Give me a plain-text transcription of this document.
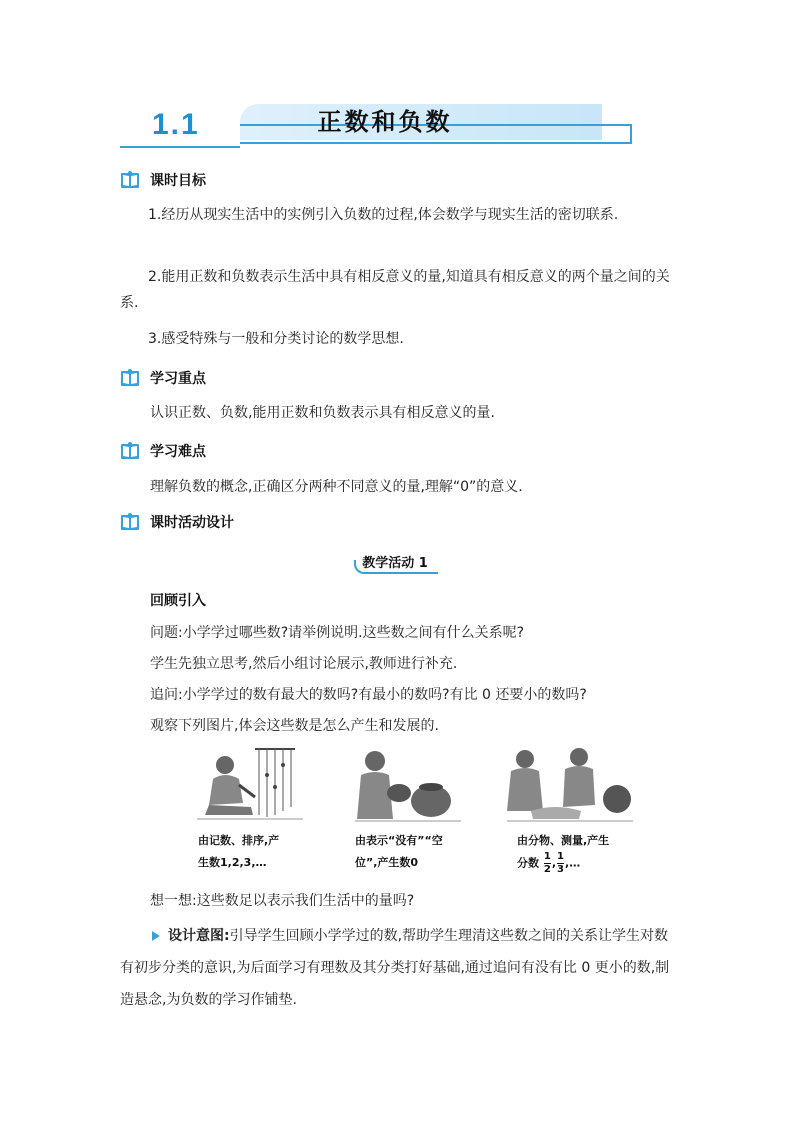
1.1	正数和负数
课时目标
1.经历从现实生活中的实例引入负数的过程,体会数学与现实生活的密切联系.
2.能用正数和负数表示生活中具有相反意义的量,知道具有相反意义的两个量之间的关系.
3.感受特殊与一般和分类讨论的数学思想.
学习重点
认识正数、负数,能用正数和负数表示具有相反意义的量.
学习难点
理解负数的概念,正确区分两种不同意义的量,理解“0”的意义.
课时活动设计
教学活动 1
回顾引入
问题:小学学过哪些数?请举例说明.这些数之间有什么关系呢?
学生先独立思考,然后小组讨论展示,教师进行补充.
追问:小学学过的数有最大的数吗?有最小的数吗?有比 0 还要小的数吗?
观察下列图片,体会这些数是怎么产生和发展的.
由记数、排序,产
生数1,2,3,…
由表示“没有”“空
位”,产生数0
由分物、测量,产生
分数 $\frac{1}{2}$ , $\frac{1}{3}$ ,…
想一想:这些数足以表示我们生活中的量吗?
设计意图:引导学生回顾小学学过的数,帮助学生理清这些数之间的关系让学生对数有初步分类的意识,为后面学习有理数及其分类打好基础,通过追问有没有比 0 更小的数,制造悬念,为负数的学习作铺垫.
